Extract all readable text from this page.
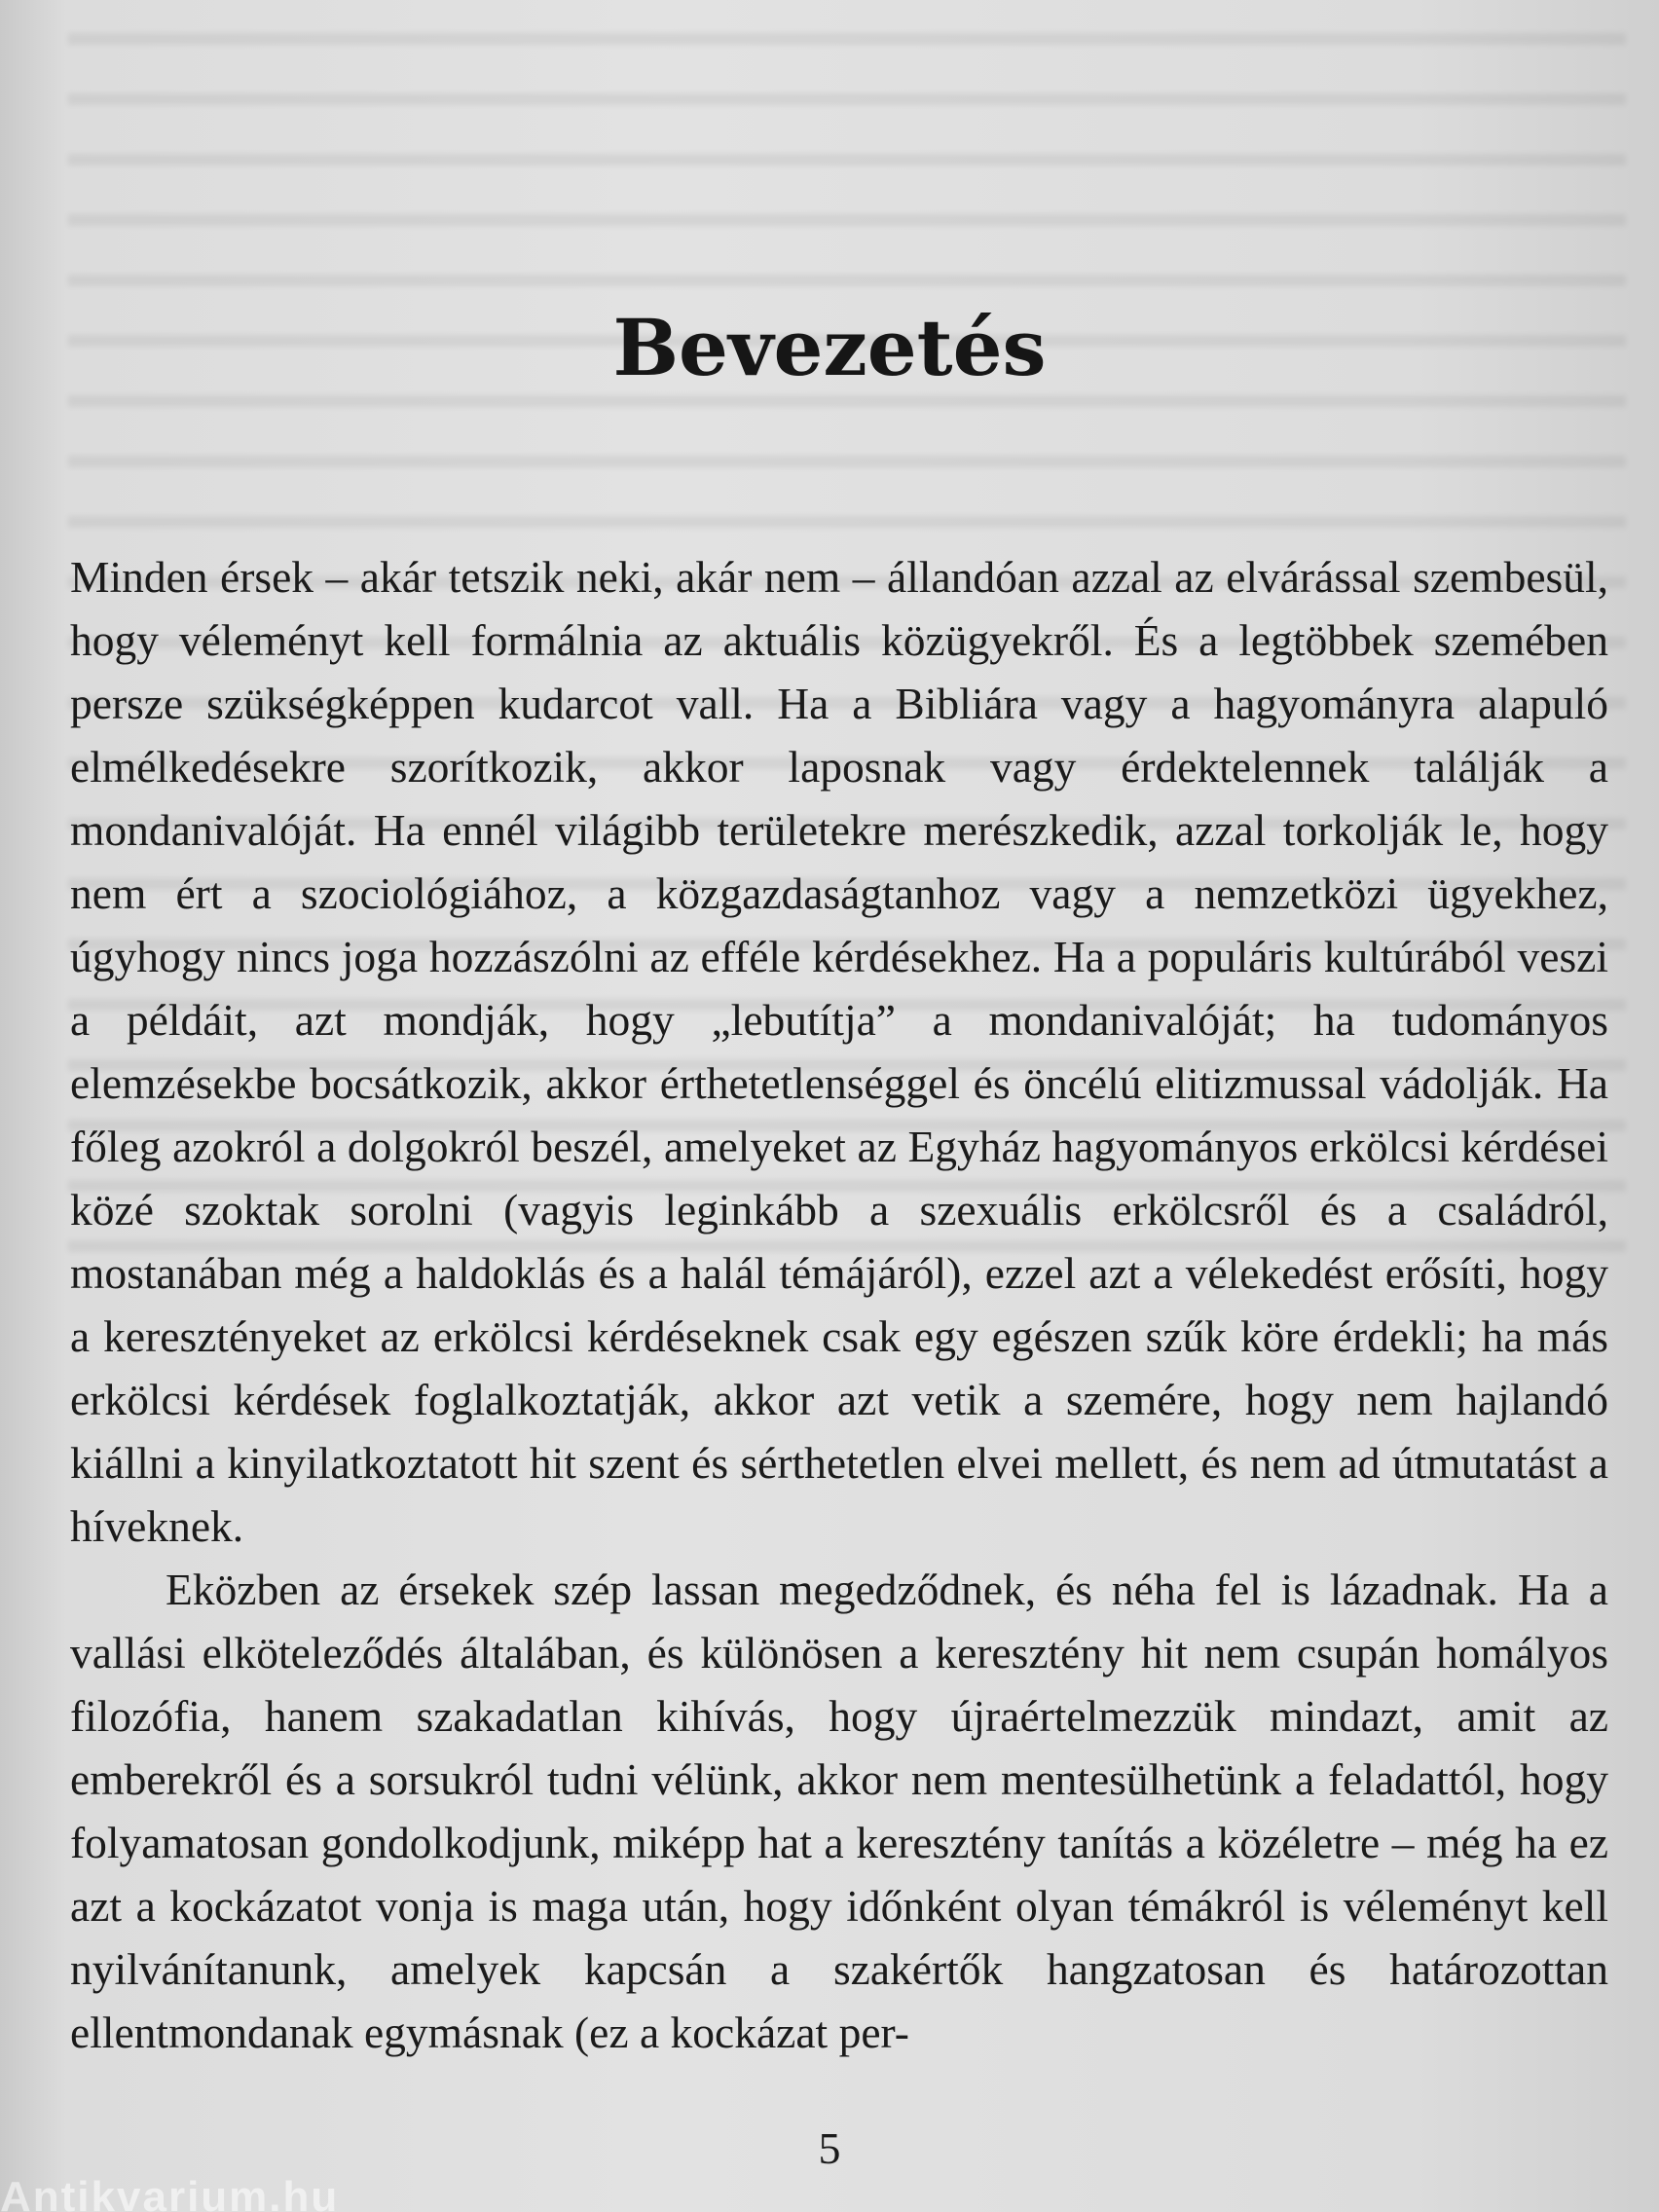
Bevezetés

Minden érsek – akár tetszik neki, akár nem – állandóan azzal az elvárással szembesül, hogy véleményt kell formálnia az aktuális közügyekről. És a legtöbbek szemében persze szükségképpen kudarcot vall. Ha a Bibliára vagy a hagyományra alapuló elmélkedésekre szorítkozik, akkor laposnak vagy érdektelennek találják a mondanivalóját. Ha ennél világibb területekre merészkedik, azzal torkolják le, hogy nem ért a szociológiához, a közgazdaságtanhoz vagy a nemzetközi ügyekhez, úgyhogy nincs joga hozzászólni az efféle kérdésekhez. Ha a populáris kultúrából veszi a példáit, azt mondják, hogy „lebutítja” a mondanivalóját; ha tudományos elemzésekbe bocsátkozik, akkor érthetetlenséggel és öncélú elitizmussal vádolják. Ha főleg azokról a dolgokról beszél, amelyeket az Egyház hagyományos erkölcsi kérdései közé szoktak sorolni (vagyis leginkább a szexuális erkölcsről és a családról, mostanában még a haldoklás és a halál témájáról), ezzel azt a vélekedést erősíti, hogy a keresztényeket az erkölcsi kérdéseknek csak egy egészen szűk köre érdekli; ha más erkölcsi kérdések foglalkoztatják, akkor azt vetik a szemére, hogy nem hajlandó kiállni a kinyilatkoztatott hit szent és sérthetetlen elvei mellett, és nem ad útmutatást a híveknek.

Eközben az érsekek szép lassan megedződnek, és néha fel is lázadnak. Ha a vallási elköteleződés általában, és különösen a keresztény hit nem csupán homályos filozófia, hanem szakadatlan kihívás, hogy újraértelmezzük mindazt, amit az emberekről és a sorsukról tudni vélünk, akkor nem mentesülhetünk a feladattól, hogy folyamatosan gondolkodjunk, miképp hat a keresztény tanítás a közéletre – még ha ez azt a kockázatot vonja is maga után, hogy időnként olyan témákról is véleményt kell nyilvánítanunk, amelyek kapcsán a szakértők hangzatosan és határozottan ellentmondanak egymásnak (ez a kockázat per-

5
Antikvarium.hu
